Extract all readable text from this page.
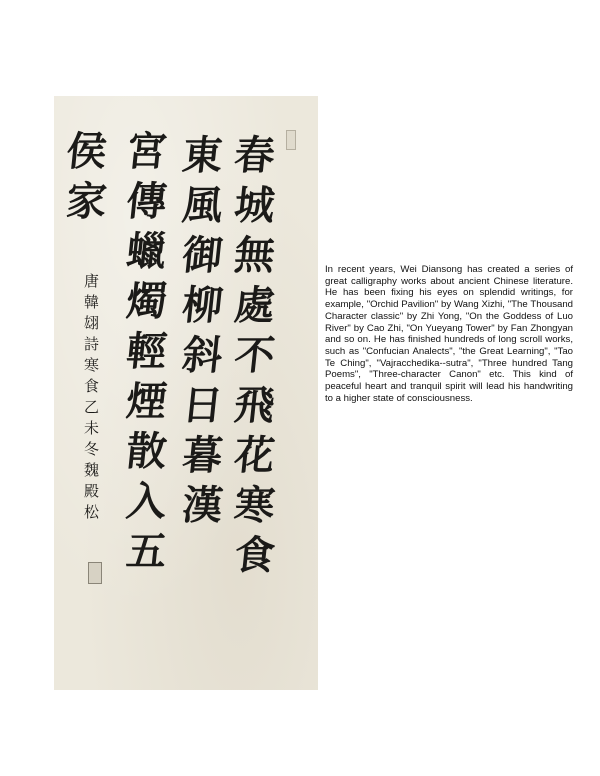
春
城
無
處
不
飛
花
寒
食
東
風
御
柳
斜
日
暮
漢
宮
傳
蠟
燭
輕
煙
散
入
五
侯
家
唐
韓
翃
詩
寒
食
乙
未
冬
魏
殿
松

In recent years, Wei Diansong has created a series of great calligraphy works about ancient Chinese literature. He has been fixing his eyes on splendid writings, for example, "Orchid Pavilion" by Wang Xizhi, "The Thousand Character classic" by Zhi Yong, "On the Goddess of Luo River" by Cao Zhi, "On Yueyang Tower" by Fan Zhongyan and so on. He has finished hundreds of long scroll works, such as "Confucian Analects", "the Great Learning", "Tao Te Ching", "Vajracchedika--sutra", "Three hundred Tang Poems", "Three-character Canon" etc. This kind of peaceful heart and tranquil spirit will lead his handwriting to a higher state of consciousness.
